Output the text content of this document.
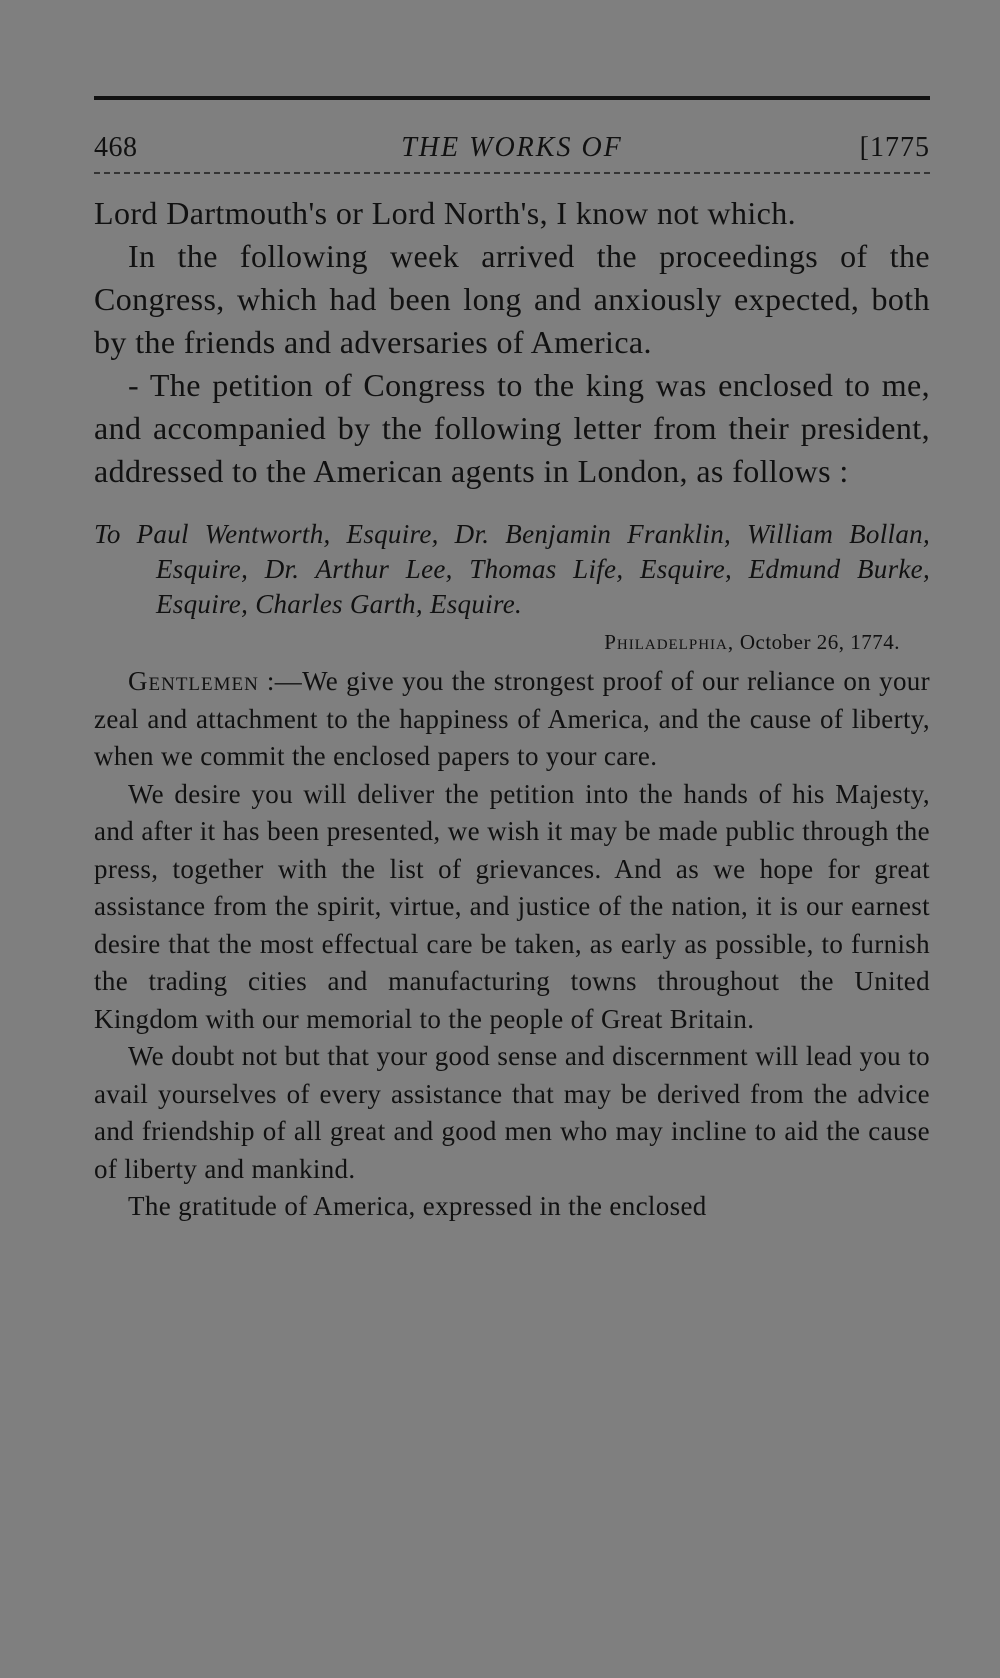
468	THE WORKS OF	[1775

Lord Dartmouth's or Lord North's, I know not which.

In the following week arrived the proceedings of the Congress, which had been long and anxiously expected, both by the friends and adversaries of America.

- The petition of Congress to the king was enclosed to me, and accompanied by the following letter from their president, addressed to the American agents in London, as follows :

To Paul Wentworth, Esquire, Dr. Benjamin Franklin, William Bollan, Esquire, Dr. Arthur Lee, Thomas Life, Esquire, Edmund Burke, Esquire, Charles Garth, Esquire.
Philadelphia, October 26, 1774.

Gentlemen :—We give you the strongest proof of our reliance on your zeal and attachment to the happiness of America, and the cause of liberty, when we commit the enclosed papers to your care.

We desire you will deliver the petition into the hands of his Majesty, and after it has been presented, we wish it may be made public through the press, together with the list of grievances. And as we hope for great assistance from the spirit, virtue, and justice of the nation, it is our earnest desire that the most effectual care be taken, as early as possible, to furnish the trading cities and manufacturing towns throughout the United Kingdom with our memorial to the people of Great Britain.

We doubt not but that your good sense and discernment will lead you to avail yourselves of every assistance that may be derived from the advice and friendship of all great and good men who may incline to aid the cause of liberty and mankind.

The gratitude of America, expressed in the enclosed
